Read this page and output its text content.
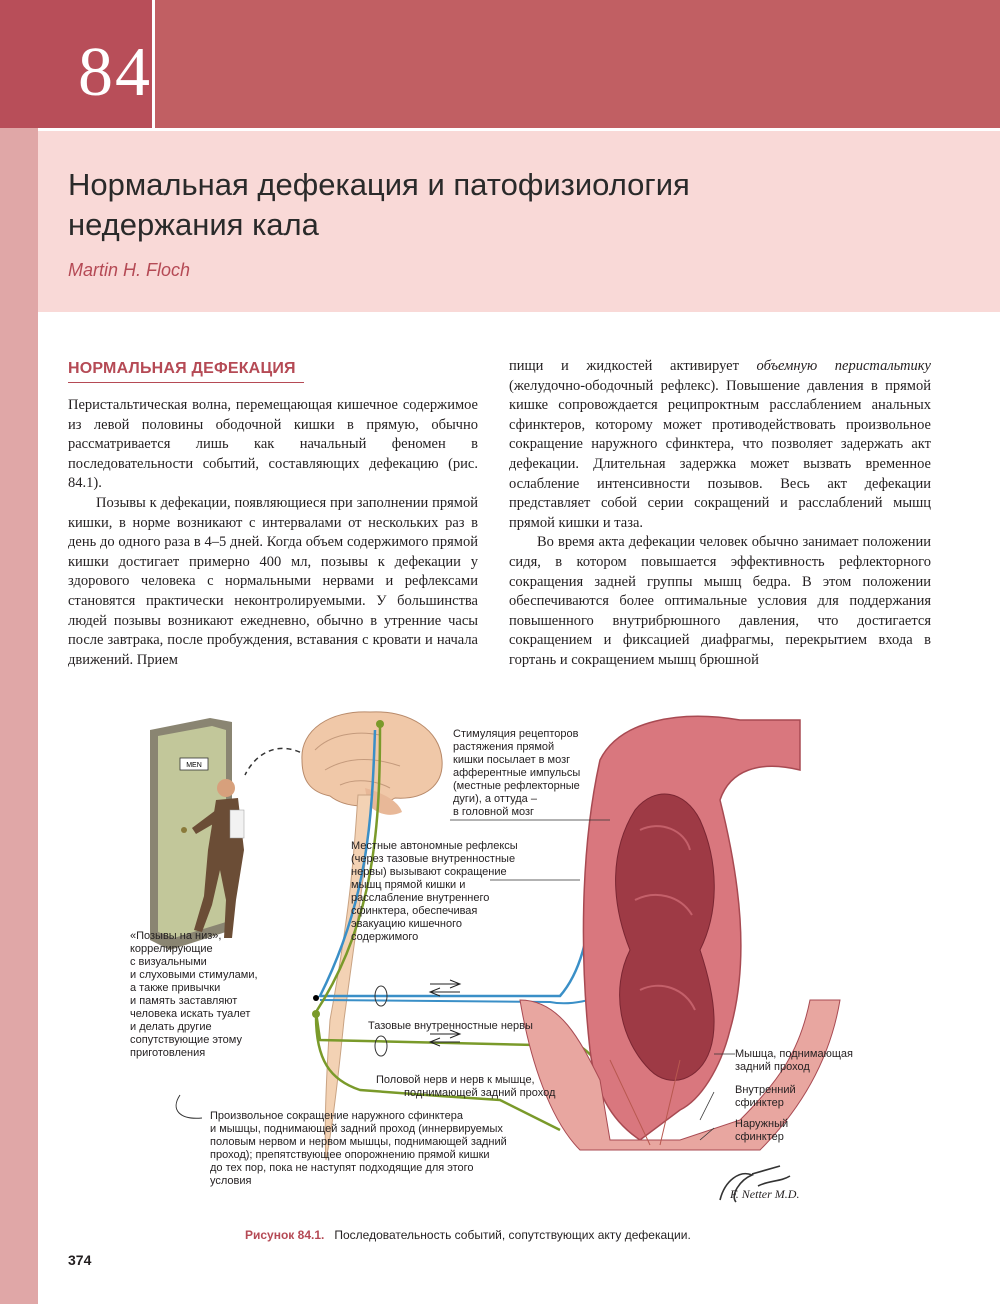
84
Нормальная дефекация и патофизиология
недержания кала
Martin H. Floch
НОРМАЛЬНАЯ ДЕФЕКАЦИЯ

Перистальтическая волна, перемещающая кишечное содержимое из левой половины ободочной кишки в прямую, обычно рассматривается лишь как начальный феномен в последовательности событий, составляющих дефекацию (рис. 84.1).

Позывы к дефекации, появляющиеся при заполнении прямой кишки, в норме возникают с интервалами от нескольких раз в день до одного раза в 4–5 дней. Когда объем содержимого прямой кишки достигает примерно 400 мл, позывы к дефекации у здорового человека с нормальными нервами и рефлексами становятся практически неконтролируемыми. У большинства людей позывы возникают ежедневно, обычно в утренние часы после завтрака, после пробуждения, вставания с кровати и начала движений. Прием

пищи и жидкостей активирует объемную перистальтику (желудочно-ободочный рефлекс). Повышение давления в прямой кишке сопровождается реципроктным расслаблением анальных сфинктеров, которому может противодействовать произвольное сокращение наружного сфинктера, что позволяет задержать акт дефекации. Длительная задержка может вызвать временное ослабление интенсивности позывов. Весь акт дефекации представляет собой серии сокращений и расслаблений мышц прямой кишки и таза.

Во время акта дефекации человек обычно занимает положении сидя, в котором повышается эффективность рефлекторного сокращения задней группы мышц бедра. В этом положении обеспечиваются более оптимальные условия для поддержания повышенного внутрибрюшного давления, что достигается сокращением и фиксацией диафрагмы, перекрытием входа в гортань и сокращением мышц брюшной

MEN
Стимуляция рецепторов
растяжения прямой
кишки посылает в мозг
афферентные импульсы
(местные рефлекторные
дуги), а оттуда –
в головной мозг
Местные автономные рефлексы
(через тазовые внутренностные
нервы) вызывают сокращение
мышц прямой кишки и
расслабление внутреннего
сфинктера, обеспечивая
эвакуацию кишечного
содержимого
«Позывы на низ»,
коррелирующие
с визуальными
и слуховыми стимулами,
а также привычки
и память заставляют
человека искать туалет
и делать другие
сопутствующие этому
приготовления
Тазовые внутренностные нервы
Половой нерв и нерв к мышце,
поднимающей задний проход
Произвольное сокращение наружного сфинктера
и мышцы, поднимающей задний проход (иннервируемых
половым нервом и нервом мышцы, поднимающей задний
проход); препятствующее опорожнению прямой кишки
до тех пор, пока не наступят подходящие для этого
условия
Мышца, поднимающая
задний проход
Внутренний
сфинктер
Наружный
сфинктер
F. Netter M.D.
Рисунок 84.1. Последовательность событий, сопутствующих акту дефекации.
374
